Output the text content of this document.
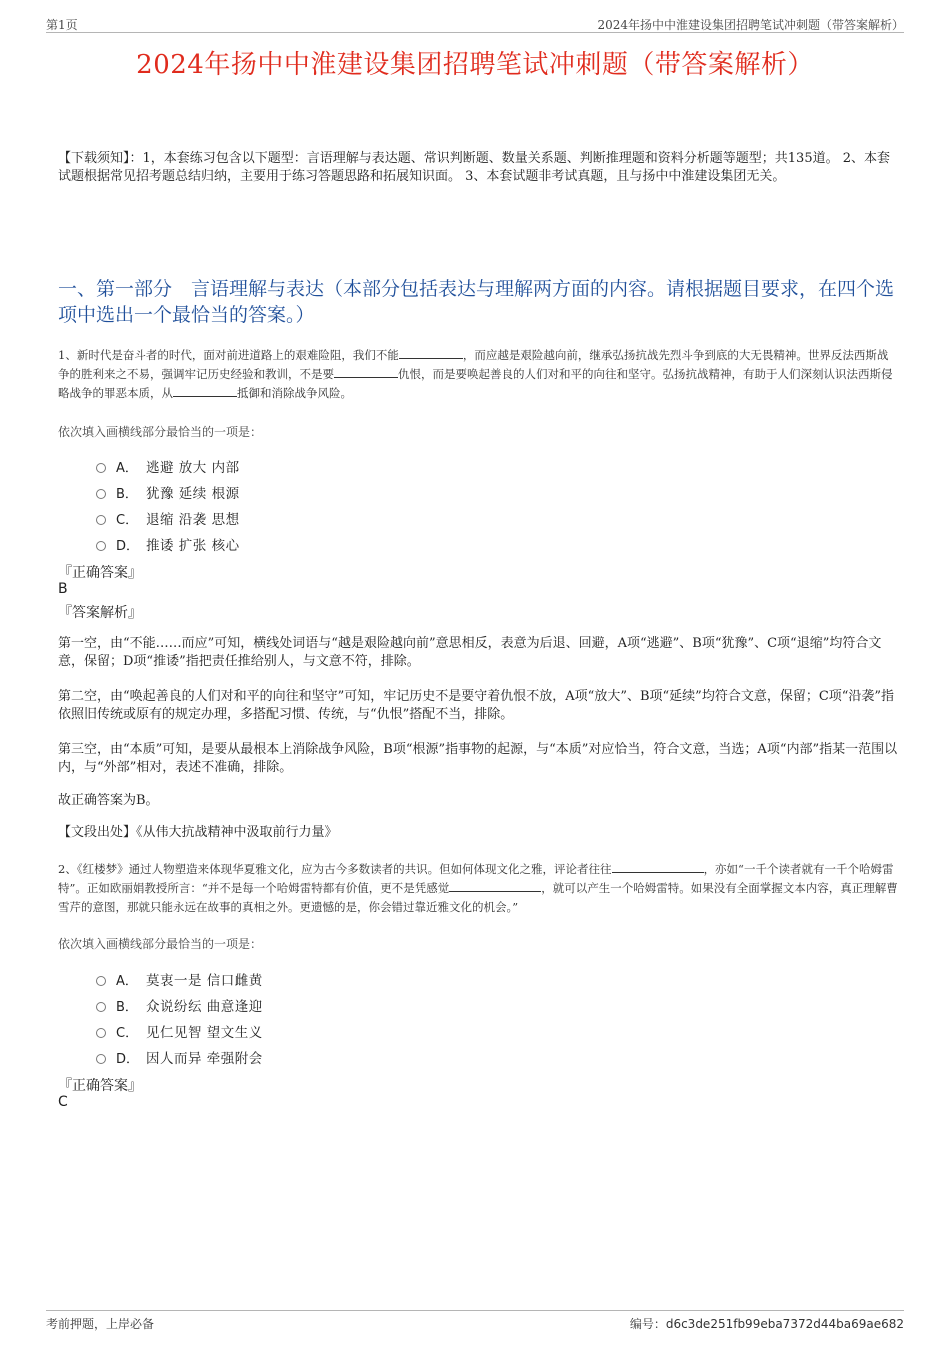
第1页	2024年扬中中淮建设集团招聘笔试冲刺题（带答案解析）
2024年扬中中淮建设集团招聘笔试冲刺题（带答案解析）
【下载须知】：1，本套练习包含以下题型：言语理解与表达题、常识判断题、数量关系题、判断推理题和资料分析题等题型；共135道。 2、本套试题根据常见招考题总结归纳，主要用于练习答题思路和拓展知识面。 3、本套试题非考试真题，且与扬中中淮建设集团无关。
一、第一部分　言语理解与表达（本部分包括表达与理解两方面的内容。请根据题目要求，在四个选项中选出一个最恰当的答案。）
1、新时代是奋斗者的时代，面对前进道路上的艰难险阻，我们不能	，而应越是艰险越向前，继承弘扬抗战先烈斗争到底的大无畏精神。世界反法西斯战争的胜利来之不易，强调牢记历史经验和教训，不是要	仇恨，而是要唤起善良的人们对和平的向往和坚守。弘扬抗战精神，有助于人们深刻认识法西斯侵略战争的罪恶本质，从	抵御和消除战争风险。
依次填入画横线部分最恰当的一项是：
A． 逃避 放大 内部
B． 犹豫 延续 根源
C． 退缩 沿袭 思想
D． 推诿 扩张 核心
『正确答案』
B
『答案解析』
第一空，由“不能……而应”可知，横线处词语与“越是艰险越向前”意思相反，表意为后退、回避，A项“逃避”、B项“犹豫”、C项“退缩”均符合文意，保留；D项“推诿”指把责任推给别人，与文意不符，排除。
第二空，由“唤起善良的人们对和平的向往和坚守”可知，牢记历史不是要守着仇恨不放，A项“放大”、B项“延续”均符合文意，保留；C项“沿袭”指依照旧传统或原有的规定办理，多搭配习惯、传统，与“仇恨”搭配不当，排除。
第三空，由“本质”可知，是要从最根本上消除战争风险，B项“根源”指事物的起源，与“本质”对应恰当，符合文意，当选；A项“内部”指某一范围以内，与“外部”相对，表述不准确，排除。
故正确答案为B。
【文段出处】《从伟大抗战精神中汲取前行力量》
2、《红楼梦》通过人物塑造来体现华夏雅文化，应为古今多数读者的共识。但如何体现文化之雅，评论者往往	，亦如“一千个读者就有一千个哈姆雷特”。正如欧丽娟教授所言：“并不是每一个哈姆雷特都有价值，更不是凭感觉	，就可以产生一个哈姆雷特。如果没有全面掌握文本内容，真正理解曹雪芹的意图，那就只能永远在故事的真相之外。更遗憾的是，你会错过靠近雅文化的机会。”
依次填入画横线部分最恰当的一项是：
A． 莫衷一是 信口雌黄
B． 众说纷纭 曲意逢迎
C． 见仁见智 望文生义
D． 因人而异 牵强附会
『正确答案』
C
考前押题，上岸必备	编号：d6c3de251fb99eba7372d44ba69ae682
